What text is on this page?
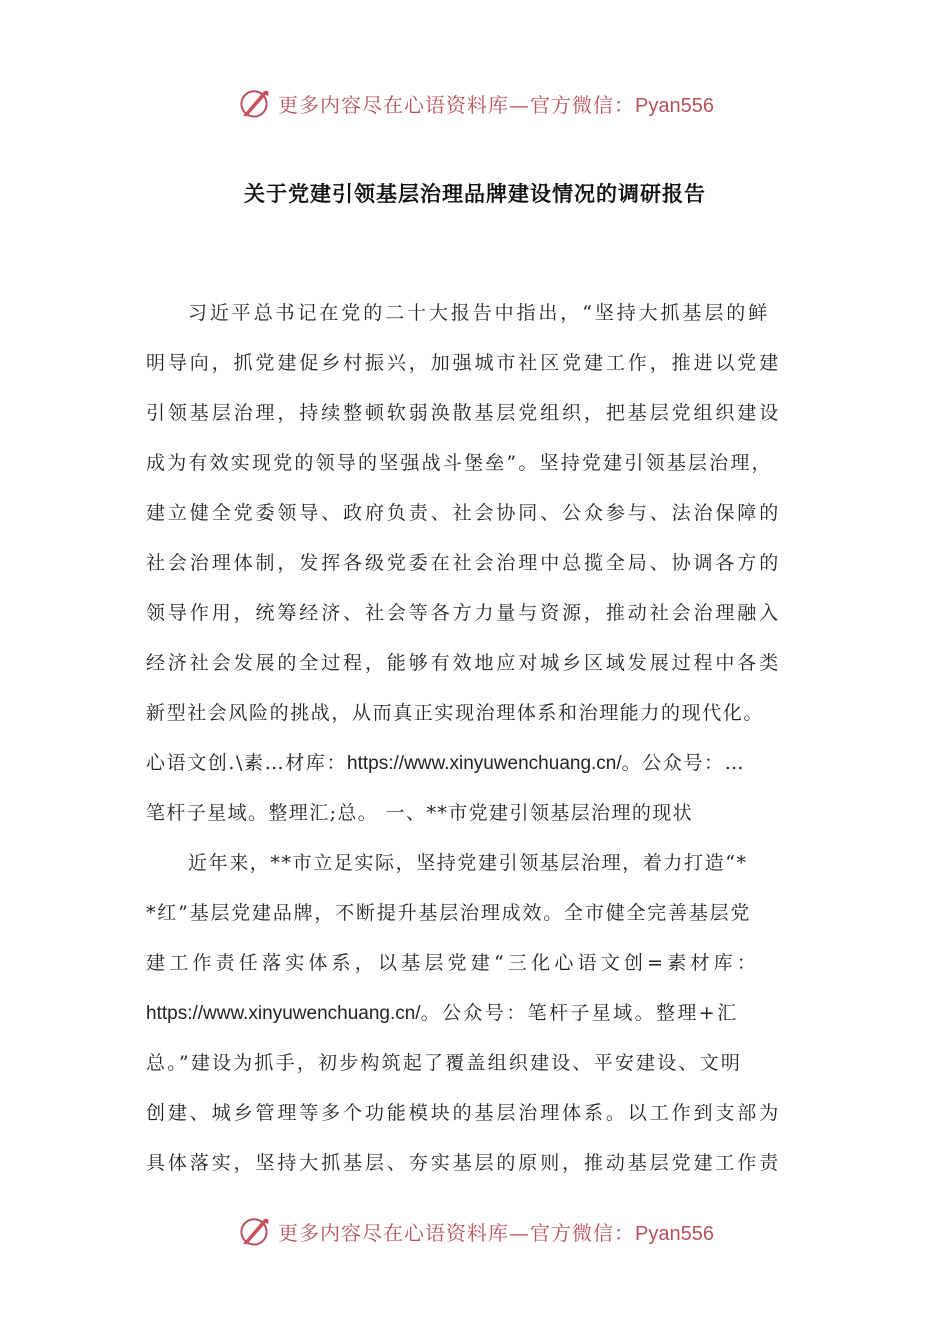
更多内容尽在心语资料库—官方微信：Pyan556
关于党建引领基层治理品牌建设情况的调研报告
习近平总书记在党的二十大报告中指出，“坚持大抓基层的鲜
明导向，抓党建促乡村振兴，加强城市社区党建工作，推进以党建
引领基层治理，持续整顿软弱涣散基层党组织，把基层党组织建设
成为有效实现党的领导的坚强战斗堡垒”。坚持党建引领基层治理，
建立健全党委领导、政府负责、社会协同、公众参与、法治保障的
社会治理体制，发挥各级党委在社会治理中总揽全局、协调各方的
领导作用，统筹经济、社会等各方力量与资源，推动社会治理融入
经济社会发展的全过程，能够有效地应对城乡区域发展过程中各类
新型社会风险的挑战，从而真正实现治理体系和治理能力的现代化。
心语文创.\素…材库：https://www.xinyuwenchuang.cn/。公众号：…
笔杆子星域。整理汇;总。 一、**市党建引领基层治理的现状
近年来，**市立足实际，坚持党建引领基层治理，着力打造“*
*红”基层党建品牌，不断提升基层治理成效。全市健全完善基层党
建工作责任落实体系，以基层党建“三化心语文创=素材库：
https://www.xinyuwenchuang.cn/。公众号：笔杆子星域。整理+汇
总。”建设为抓手，初步构筑起了覆盖组织建设、平安建设、文明
创建、城乡管理等多个功能模块的基层治理体系。以工作到支部为
具体落实，坚持大抓基层、夯实基层的原则，推动基层党建工作责
更多内容尽在心语资料库—官方微信：Pyan556
